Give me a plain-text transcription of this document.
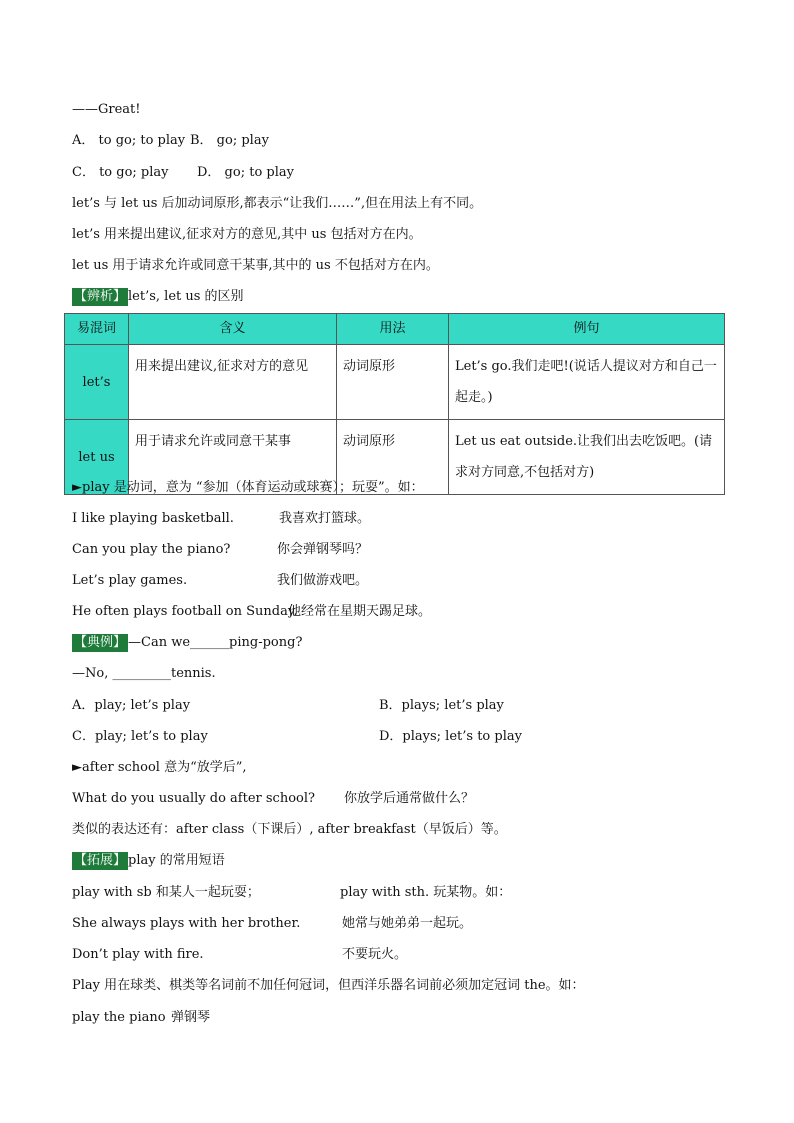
——Great!
A． to go; to play B． go; play
C． to go; play D． go; to play
let’s 与 let us 后加动词原形,都表示“让我们……”,但在用法上有不同。
let’s 用来提出建议,征求对方的意见,其中 us 包括对方在内。
let us 用于请求允许或同意干某事,其中的 us 不包括对方在内。
【辨析】 let’s, let us 的区别
易混词	含义	用法	例句
let’s	用来提出建议,征求对方的意见	动词原形	Let’s go.我们走吧!(说话人提议对方和自己一起走。)
let us	用于请求允许或同意干某事	动词原形	Let us eat outside.让我们出去吃饭吧。(请求对方同意,不包括对方)
►play 是动词，意为 “参加（体育运动或球赛）；玩耍”。如：
I like playing basketball.	我喜欢打篮球。
Can you play the piano?	你会弹钢琴吗？
Let’s play games.	我们做游戏吧。
He often plays football on Sunday.
他经常在星期天踢足球。
【典例】 —Can we______ping-pong?
—No, _________tennis.
A．play; let’s play	B．plays; let’s play
C．play; let’s to play	D．plays; let’s to play
►after school 意为“放学后”,
What do you usually do after school? 你放学后通常做什么？
类似的表达还有：after class（下课后）, after breakfast（早饭后）等。
【拓展】 play 的常用短语
play with sb 和某人一起玩耍；	play with sth. 玩某物。如：
She always plays with her brother.	她常与她弟弟一起玩。
Don’t play with fire.	不要玩火。
Play 用在球类、棋类等名词前不加任何冠词，但西洋乐器名词前必须加定冠词 the。如：
play the piano 弹钢琴
